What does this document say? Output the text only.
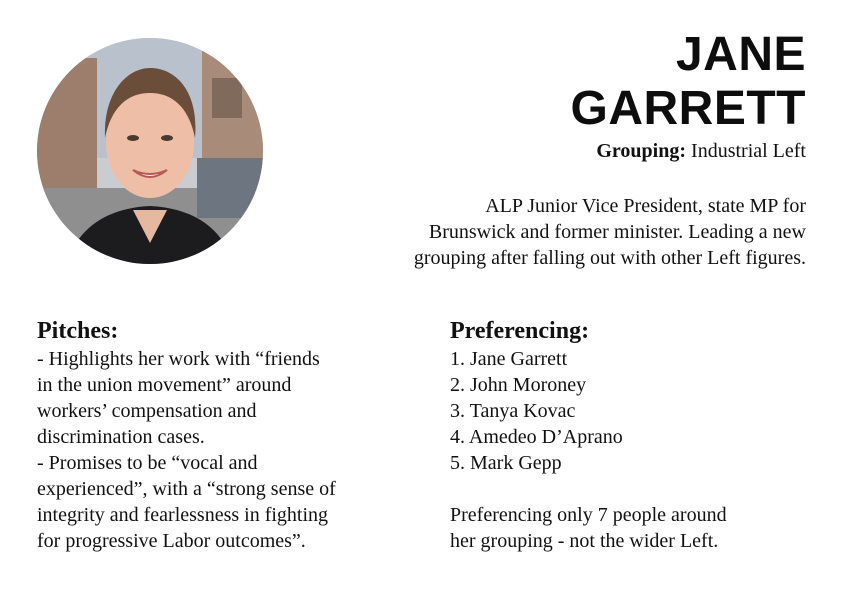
JANE
GARRETT
Grouping: Industrial Left
ALP Junior Vice President, state MP for
Brunswick and former minister. Leading a new
grouping after falling out with other Left figures.
Pitches:
- Highlights her work with “friends
in the union movement” around
workers’ compensation and
discrimination cases.
- Promises to be “vocal and
experienced”, with a “strong sense of
integrity and fearlessness in fighting
for progressive Labor outcomes”.
Preferencing:
1. Jane Garrett
2. John Moroney
3. Tanya Kovac
4. Amedeo D’Aprano
5. Mark Gepp
Preferencing only 7 people around
her grouping - not the wider Left.
